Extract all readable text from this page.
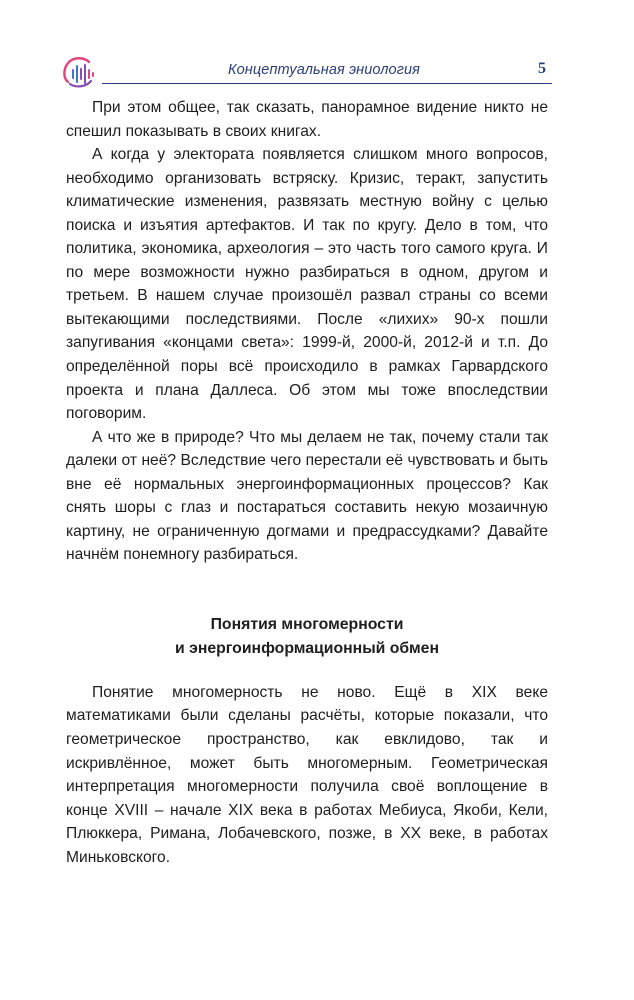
Концептуальная эниология	5

При этом общее, так сказать, панорамное видение никто не спешил показывать в своих книгах.

А когда у электората появляется слишком много вопросов, необходимо организовать встряску. Кризис, теракт, запустить климатические изменения, развязать местную войну с целью поиска и изъятия артефактов. И так по кругу. Дело в том, что политика, экономика, археология – это часть того самого круга. И по мере возможности нужно разбираться в одном, другом и третьем. В нашем случае произошёл развал страны со всеми вытекающими последствиями. После «лихих» 90-х пошли запугивания «концами света»: 1999-й, 2000-й, 2012-й и т.п. До определённой поры всё происходило в рамках Гарвардского проекта и плана Даллеса. Об этом мы тоже впоследствии поговорим.

А что же в природе? Что мы делаем не так, почему стали так далеки от неё? Вследствие чего перестали её чувствовать и быть вне её нормальных энергоинформационных процессов? Как снять шоры с глаз и постараться составить некую мозаичную картину, не ограниченную догмами и предрассудками? Давайте начнём понемногу разбираться.

Понятия многомерности
и энергоинформационный обмен

Понятие многомерность не ново. Ещё в XIX веке математиками были сделаны расчёты, которые показали, что геометрическое пространство, как евклидово, так и искривлённое, может быть многомерным. Геометрическая интерпретация многомерности получила своё воплощение в конце XVIII – начале XIX века в работах Мебиуса, Якоби, Кели, Плюккера, Римана, Лобачевского, позже, в XX веке, в работах Миньковского.
